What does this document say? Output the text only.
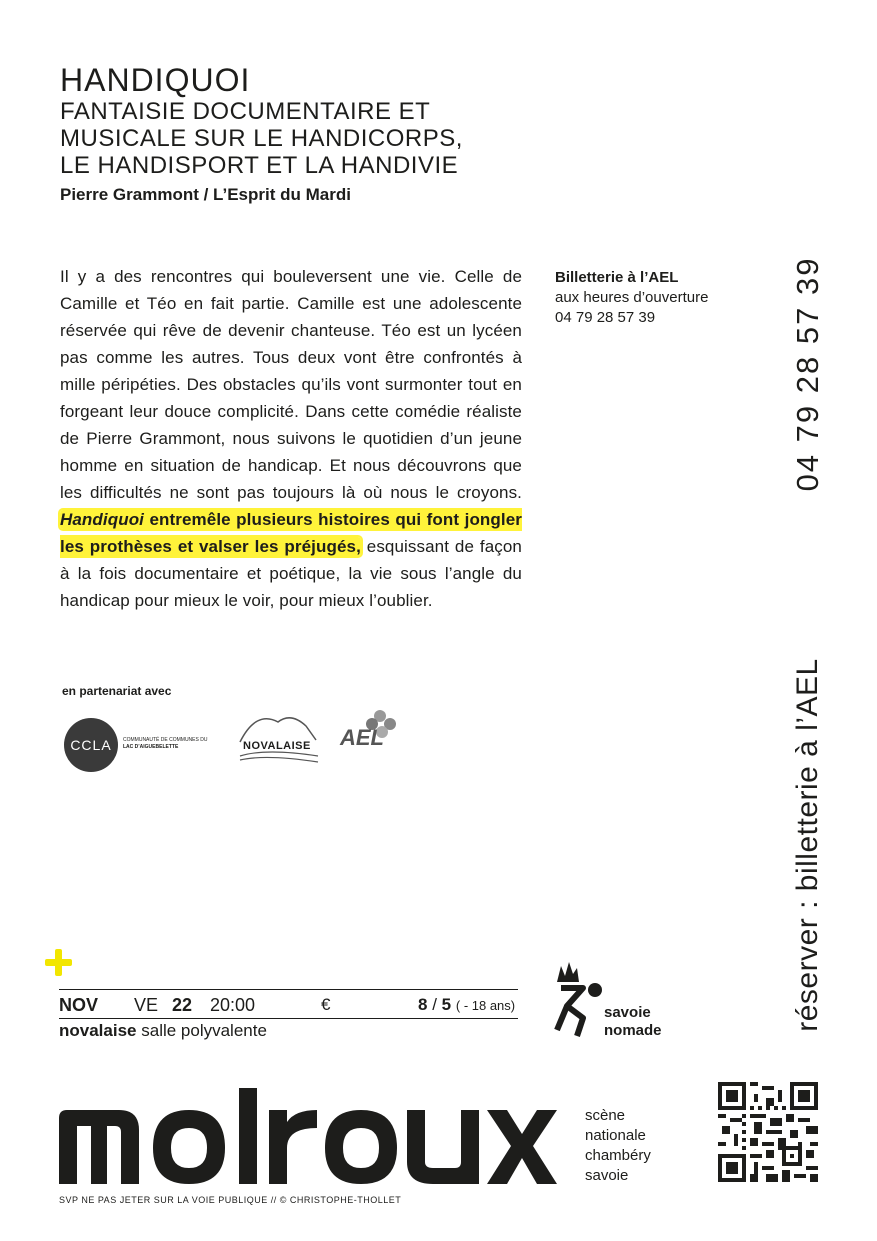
HANDIQUOI
FANTAISIE DOCUMENTAIRE ET
MUSICALE SUR LE HANDICORPS,
LE HANDISPORT ET LA HANDIVIE
Pierre Grammont / L’Esprit du Mardi
Il y a des rencontres qui bouleversent une vie. Celle de Camille et Téo en fait partie. Camille est une adolescente réservée qui rêve de devenir chanteuse. Téo est un lycéen pas comme les autres. Tous deux vont être confrontés à mille péripéties. Des obstacles qu’ils vont surmonter tout en forgeant leur douce complicité. Dans cette comédie réaliste de Pierre Grammont, nous suivons le quotidien d’un jeune homme en situation de handicap. Et nous découvrons que les difficultés ne sont pas toujours là où nous le croyons. Handiquoi entremêle plusieurs histoires qui font jongler les prothèses et valser les préjugés, esquissant de façon à la fois documentaire et poétique, la vie sous l’angle du handicap pour mieux le voir, pour mieux l’oublier.
Billetterie à l’AEL
aux heures d’ouverture
04 79 28 57 39	04 79 28 57 39
réserver : billetterie à l’AEL
en partenariat avec
CCLA COMMUNAUTÉ DE COMMUNES DU
LAC D’AIGUEBELETTE	NOVALAISE AEL
NOV VE 22 20:00	€	8 / 5 ( - 18 ans)
novalaise salle polyvalente
savoie
nomade
scène
nationale
chambéry
savoie
SVP NE PAS JETER SUR LA VOIE PUBLIQUE // © CHRISTOPHE-THOLLET
